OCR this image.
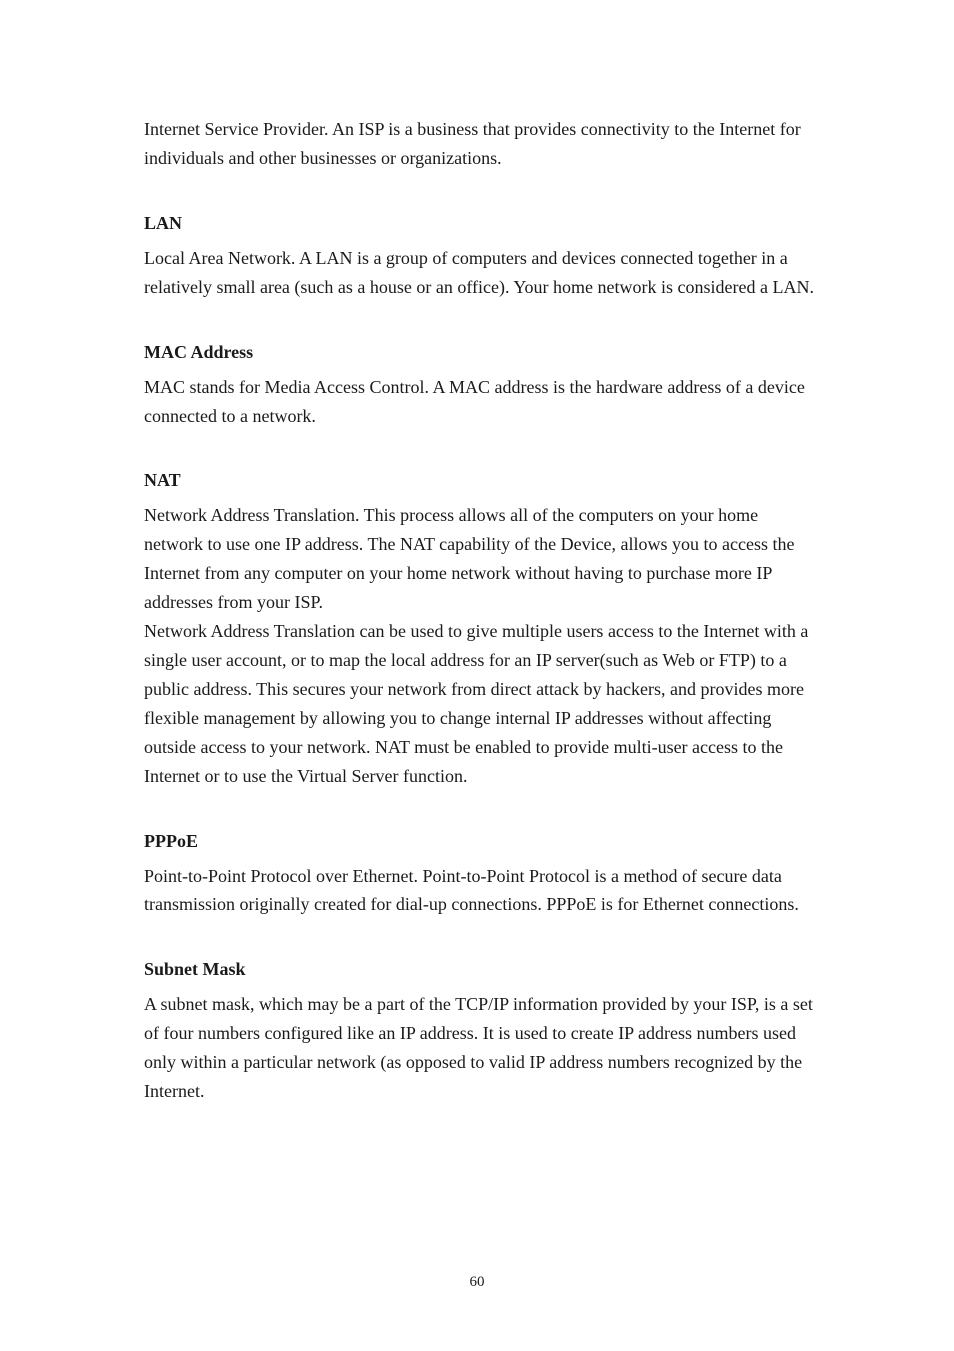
Internet Service Provider. An ISP is a business that provides connectivity to the Internet for individuals and other businesses or organizations.

LAN

Local Area Network. A LAN is a group of computers and devices connected together in a relatively small area (such as a house or an office). Your home network is considered a LAN.

MAC Address

MAC stands for Media Access Control. A MAC address is the hardware address of a device connected to a network.

NAT

Network Address Translation. This process allows all of the computers on your home network to use one IP address. The NAT capability of the Device, allows you to access the Internet from any computer on your home network without having to purchase more IP addresses from your ISP.

Network Address Translation can be used to give multiple users access to the Internet with a single user account, or to map the local address for an IP server(such as Web or FTP) to a public address. This secures your network from direct attack by hackers, and provides more flexible management by allowing you to change internal IP addresses without affecting outside access to your network. NAT must be enabled to provide multi-user access to the Internet or to use the Virtual Server function.

PPPoE

Point-to-Point Protocol over Ethernet. Point-to-Point Protocol is a method of secure data transmission originally created for dial-up connections. PPPoE is for Ethernet connections.

Subnet Mask

A subnet mask, which may be a part of the TCP/IP information provided by your ISP, is a set of four numbers configured like an IP address. It is used to create IP address numbers used only within a particular network (as opposed to valid IP address numbers recognized by the Internet.

60
